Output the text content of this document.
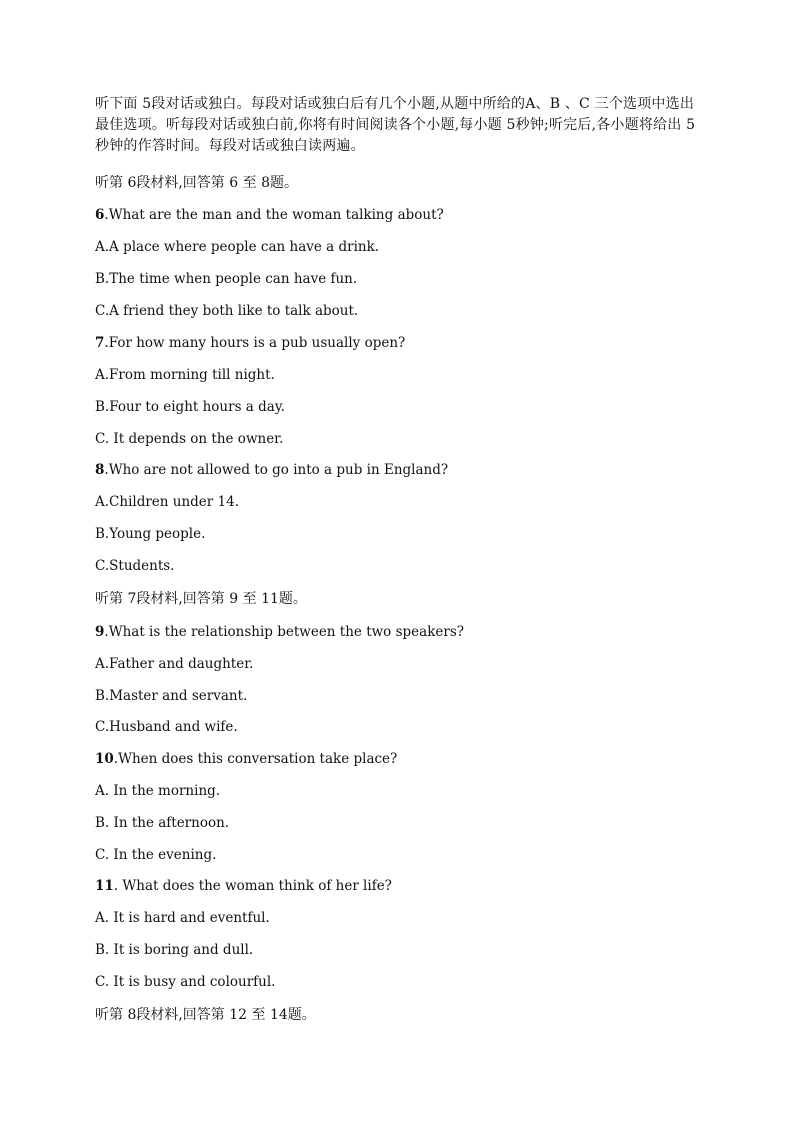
听下面 5段对话或独白。每段对话或独白后有几个小题,从题中所给的A、B 、C 三个选项中选出最佳选项。听每段对话或独白前,你将有时间阅读各个小题,每小题 5秒钟;听完后,各小题将给出 5秒钟的作答时间。每段对话或独白读两遍。
听第 6段材料,回答第 6 至 8题。
6.What are the man and the woman talking about?
A.A place where people can have a drink.
B.The time when people can have fun.
C.A friend they both like to talk about.
7.For how many hours is a pub usually open?
A.From morning till night.
B.Four to eight hours a day.
C. It depends on the owner.
8.Who are not allowed to go into a pub in England?
A.Children under 14.
B.Young people.
C.Students.
听第 7段材料,回答第 9 至 11题。
9.What is the relationship between the two speakers?
A.Father and daughter.
B.Master and servant.
C.Husband and wife.
10.When does this conversation take place?
A. In the morning.
B. In the afternoon.
C. In the evening.
11. What does the woman think of her life?
A. It is hard and eventful.
B. It is boring and dull.
C. It is busy and colourful.
听第 8段材料,回答第 12 至 14题。
